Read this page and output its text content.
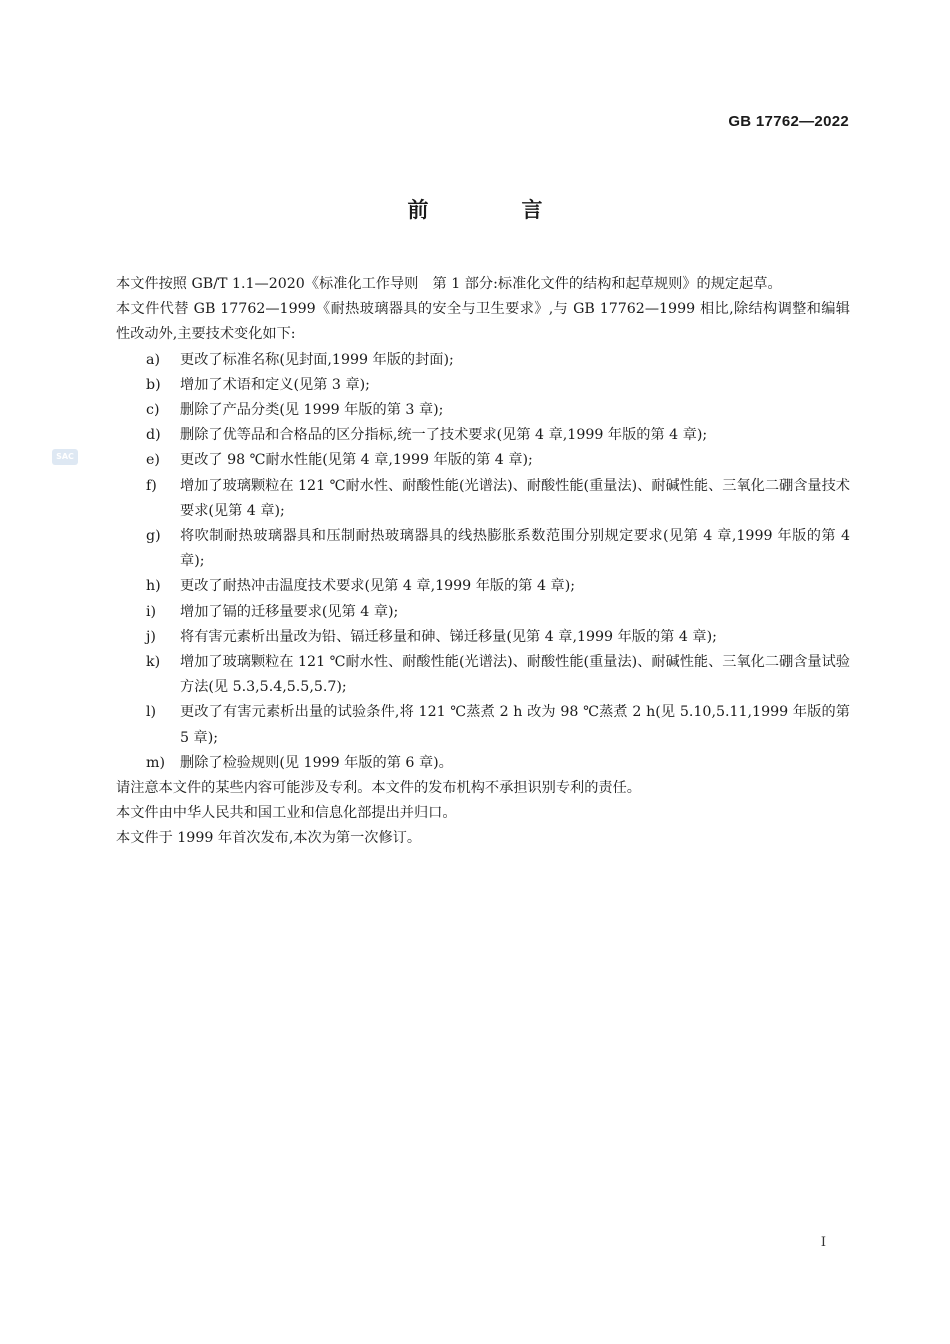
GB 17762—2022
SAC
前　言

本文件按照 GB/T 1.1—2020《标准化工作导则　第 1 部分:标准化文件的结构和起草规则》的规定起草。

本文件代替 GB 17762—1999《耐热玻璃器具的安全与卫生要求》,与 GB 17762—1999 相比,除结构调整和编辑性改动外,主要技术变化如下:

a)	更改了标准名称(见封面,1999 年版的封面);
b)	增加了术语和定义(见第 3 章);
c)	删除了产品分类(见 1999 年版的第 3 章);
d)	删除了优等品和合格品的区分指标,统一了技术要求(见第 4 章,1999 年版的第 4 章);
e)	更改了 98 ℃耐水性能(见第 4 章,1999 年版的第 4 章);
f)	增加了玻璃颗粒在 121 ℃耐水性、耐酸性能(光谱法)、耐酸性能(重量法)、耐碱性能、三氧化二硼含量技术要求(见第 4 章);
g)	将吹制耐热玻璃器具和压制耐热玻璃器具的线热膨胀系数范围分别规定要求(见第 4 章,1999 年版的第 4 章);
h)	更改了耐热冲击温度技术要求(见第 4 章,1999 年版的第 4 章);
i)	增加了镉的迁移量要求(见第 4 章);
j)	将有害元素析出量改为铅、镉迁移量和砷、锑迁移量(见第 4 章,1999 年版的第 4 章);
k)	增加了玻璃颗粒在 121 ℃耐水性、耐酸性能(光谱法)、耐酸性能(重量法)、耐碱性能、三氧化二硼含量试验方法(见 5.3,5.4,5.5,5.7);
l)	更改了有害元素析出量的试验条件,将 121 ℃蒸煮 2 h 改为 98 ℃蒸煮 2 h(见 5.10,5.11,1999 年版的第 5 章);
m)	删除了检验规则(见 1999 年版的第 6 章)。

请注意本文件的某些内容可能涉及专利。本文件的发布机构不承担识别专利的责任。

本文件由中华人民共和国工业和信息化部提出并归口。

本文件于 1999 年首次发布,本次为第一次修订。

Ⅰ
